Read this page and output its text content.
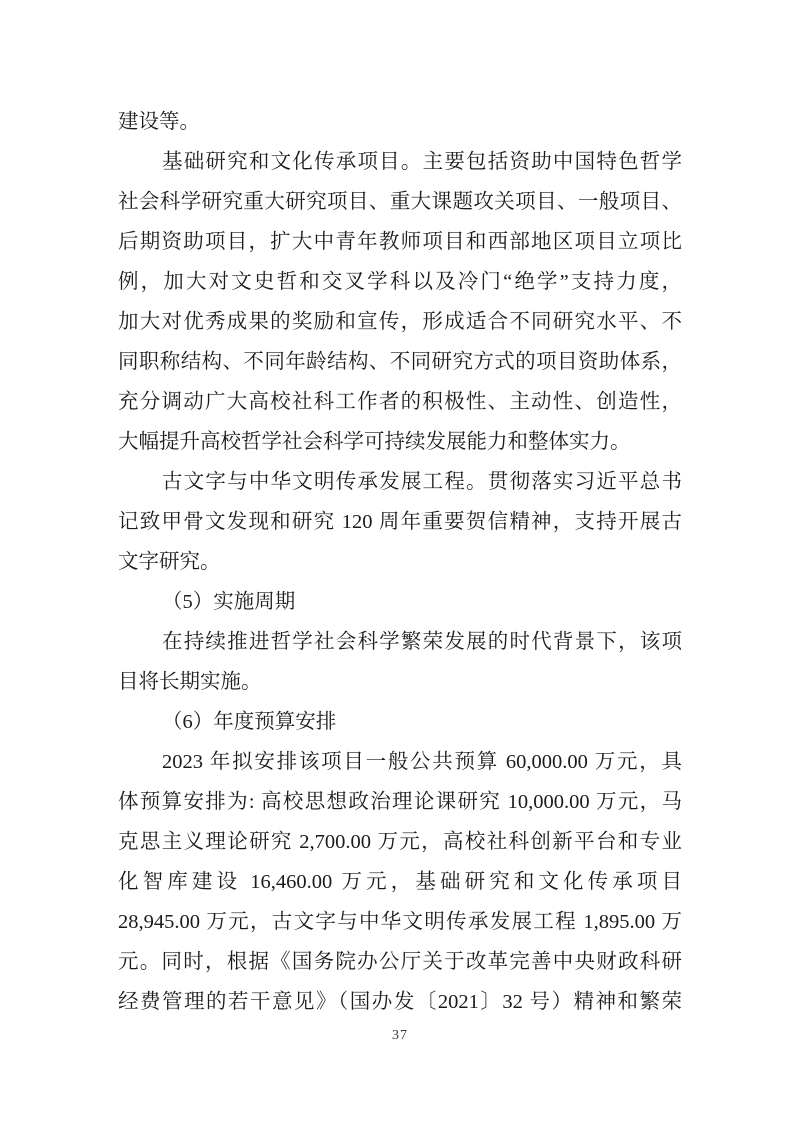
建设等。
基础研究和文化传承项目。主要包括资助中国特色哲学
社会科学研究重大研究项目、重大课题攻关项目、一般项目、
后期资助项目，扩大中青年教师项目和西部地区项目立项比
例，加大对文史哲和交叉学科以及冷门“绝学”支持力度，
加大对优秀成果的奖励和宣传，形成适合不同研究水平、不
同职称结构、不同年龄结构、不同研究方式的项目资助体系，
充分调动广大高校社科工作者的积极性、主动性、创造性，
大幅提升高校哲学社会科学可持续发展能力和整体实力。
古文字与中华文明传承发展工程。贯彻落实习近平总书
记致甲骨文发现和研究 120 周年重要贺信精神，支持开展古
文字研究。
（5）实施周期
在持续推进哲学社会科学繁荣发展的时代背景下，该项
目将长期实施。
（6）年度预算安排
2023 年拟安排该项目一般公共预算 60,000.00 万元，具
体预算安排为: 高校思想政治理论课研究 10,000.00 万元，马
克思主义理论研究 2,700.00 万元，高校社科创新平台和专业
化智库建设 16,460.00 万元，基础研究和文化传承项目
28,945.00 万元，古文字与中华文明传承发展工程 1,895.00 万
元。同时，根据《国务院办公厅关于改革完善中央财政科研
经费管理的若干意见》（国办发〔2021〕32 号）精神和繁荣
37
